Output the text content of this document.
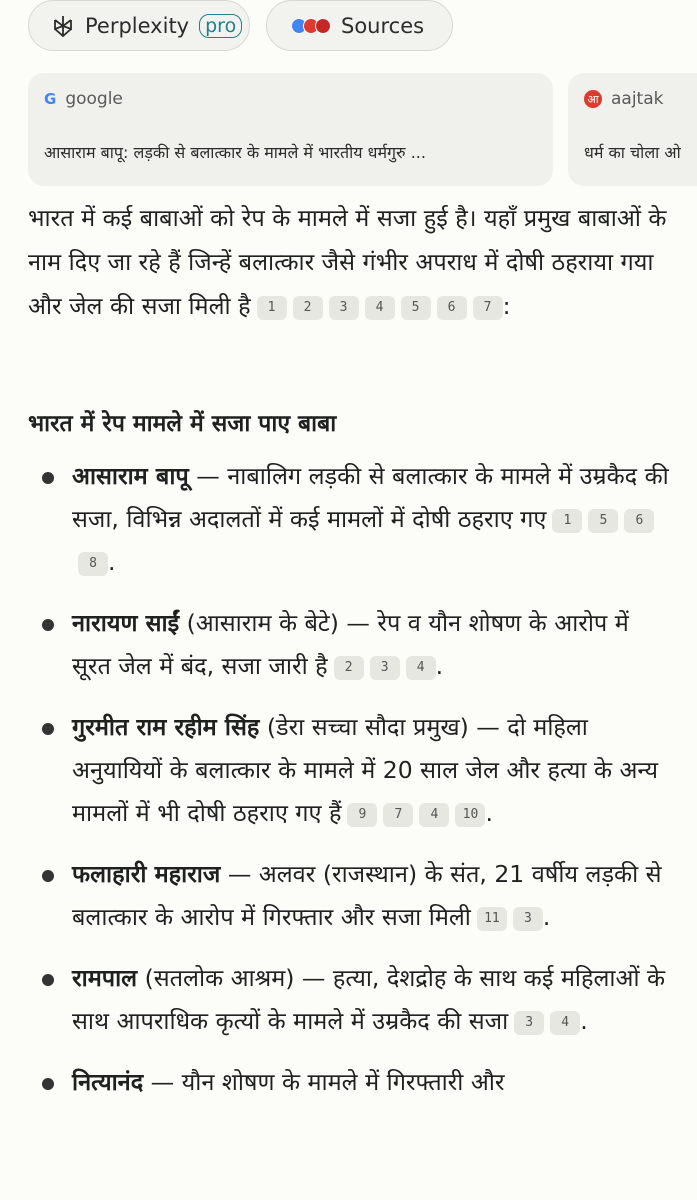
Perplexity pro	Sources
G google
आसाराम बापू: लड़की से बलात्कार के मामले में भारतीय धर्मगुरु ...
आ aajtak
धर्म का चोला ओ
भारत में कई बाबाओं को रेप के मामले में सजा हुई है। यहाँ प्रमुख बाबाओं के नाम दिए जा रहे हैं जिन्हें बलात्कार जैसे गंभीर अपराध में दोषी ठहराया गया और जेल की सजा मिली है 1 2 3 4 5 6 7 :
भारत में रेप मामले में सजा पाए बाबा
आसाराम बापू — नाबालिग लड़की से बलात्कार के मामले में उम्रकैद की सजा, विभिन्न अदालतों में कई मामलों में दोषी ठहराए गए 1 5 68 .
नारायण साईं (आसाराम के बेटे) — रेप व यौन शोषण के आरोप में सूरत जेल में बंद, सजा जारी है 2 3 4 .
गुरमीत राम रहीम सिंह (डेरा सच्चा सौदा प्रमुख) — दो महिला अनुयायियों के बलात्कार के मामले में 20 साल जेल और हत्या के अन्य मामलों में भी दोषी ठहराए गए हैं 9 7 4 10 .
फलाहारी महाराज — अलवर (राजस्थान) के संत, 21 वर्षीय लड़की से बलात्कार के आरोप में गिरफ्तार और सजा मिली 11 3 .
रामपाल (सतलोक आश्रम) — हत्या, देशद्रोह के साथ कई महिलाओं के साथ आपराधिक कृत्यों के मामले में उम्रकैद की सजा 3 4 .
नित्यानंद — यौन शोषण के मामले में गिरफ्तारी और
